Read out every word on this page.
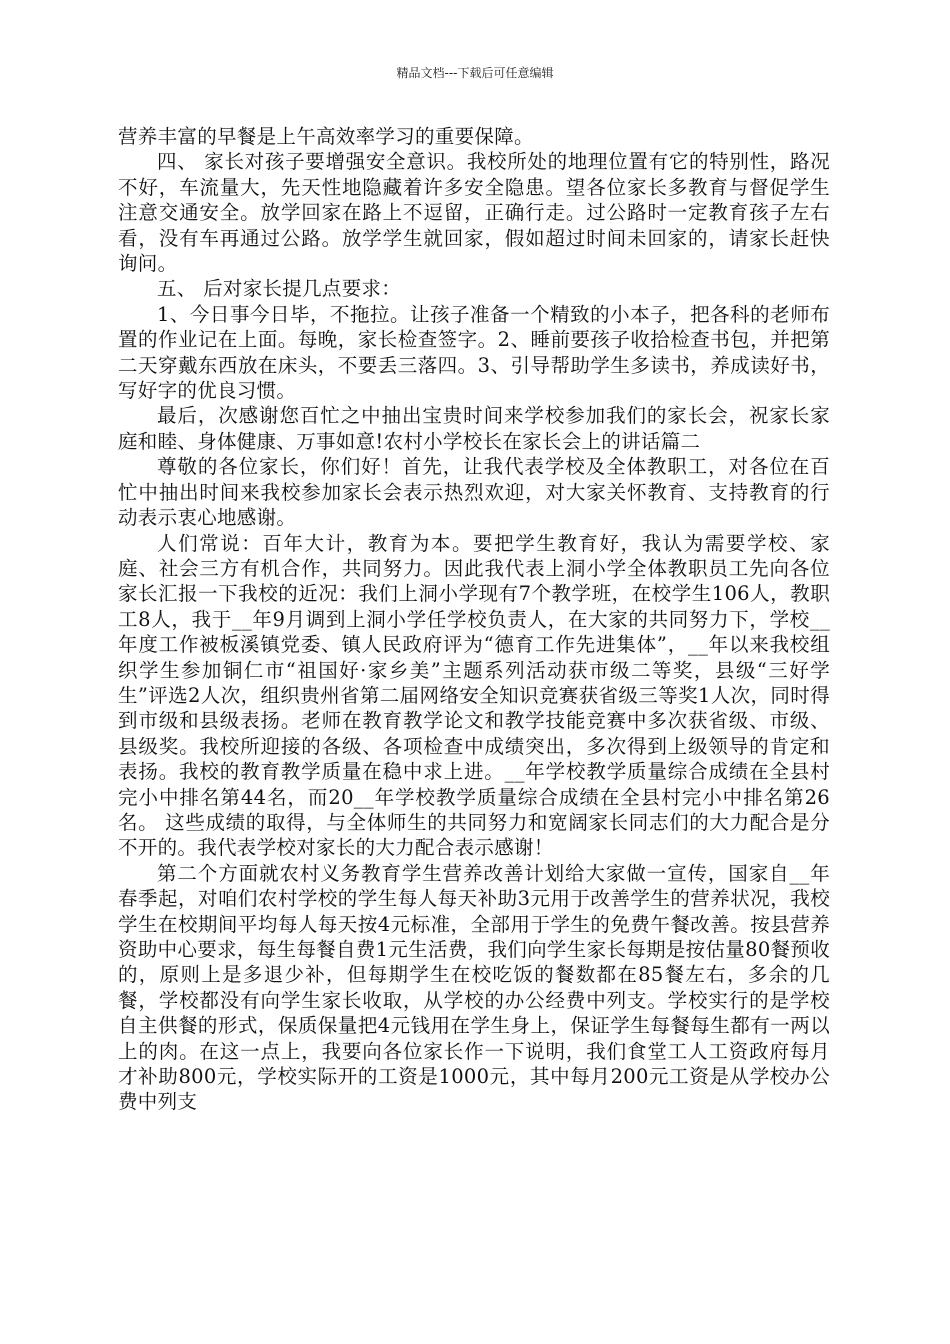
精品文档---下载后可任意编辑

营养丰富的早餐是上午高效率学习的重要保障。

四、 家长对孩子要增强安全意识。我校所处的地理位置有它的特别性，路况不好，车流量大，先天性地隐藏着许多安全隐患。望各位家长多教育与督促学生注意交通安全。放学回家在路上不逗留，正确行走。过公路时一定教育孩子左右看，没有车再通过公路。放学学生就回家，假如超过时间未回家的，请家长赶快询问。

五、 后对家长提几点要求：

1、今日事今日毕，不拖拉。让孩子准备一个精致的小本子，把各科的老师布置的作业记在上面。每晚，家长检查签字。2、睡前要孩子收拾检查书包，并把第二天穿戴东西放在床头，不要丢三落四。3、引导帮助学生多读书，养成读好书，写好字的优良习惯。

最后，次感谢您百忙之中抽出宝贵时间来学校参加我们的家长会，祝家长家庭和睦、身体健康、万事如意!农村小学校长在家长会上的讲话篇二

尊敬的各位家长，你们好！首先，让我代表学校及全体教职工，对各位在百忙中抽出时间来我校参加家长会表示热烈欢迎，对大家关怀教育、支持教育的行动表示衷心地感谢。

人们常说：百年大计，教育为本。要把学生教育好，我认为需要学校、家庭、社会三方有机合作，共同努力。因此我代表上洞小学全体教职员工先向各位家长汇报一下我校的近况：我们上洞小学现有7个教学班，在校学生106人，教职工8人，我于__年9月调到上洞小学任学校负责人，在大家的共同努力下，学校__年度工作被板溪镇党委、镇人民政府评为“德育工作先进集体”，__年以来我校组织学生参加铜仁市“祖国好·家乡美”主题系列活动获市级二等奖，县级“三好学生”评选2人次，组织贵州省第二届网络安全知识竞赛获省级三等奖1人次，同时得到市级和县级表扬。老师在教育教学论文和教学技能竞赛中多次获省级、市级、县级奖。我校所迎接的各级、各项检查中成绩突出，多次得到上级领导的肯定和表扬。我校的教育教学质量在稳中求上进。__年学校教学质量综合成绩在全县村完小中排名第44名，而20__年学校教学质量综合成绩在全县村完小中排名第26名。 这些成绩的取得，与全体师生的共同努力和宽阔家长同志们的大力配合是分不开的。我代表学校对家长的大力配合表示感谢！

第二个方面就农村义务教育学生营养改善计划给大家做一宣传，国家自__年春季起，对咱们农村学校的学生每人每天补助3元用于改善学生的营养状况，我校学生在校期间平均每人每天按4元标准，全部用于学生的免费午餐改善。按县营养资助中心要求，每生每餐自费1元生活费，我们向学生家长每期是按估量80餐预收的，原则上是多退少补，但每期学生在校吃饭的餐数都在85餐左右，多余的几餐，学校都没有向学生家长收取，从学校的办公经费中列支。学校实行的是学校自主供餐的形式，保质保量把4元钱用在学生身上，保证学生每餐每生都有一两以上的肉。在这一点上，我要向各位家长作一下说明，我们食堂工人工资政府每月才补助800元，学校实际开的工资是1000元，其中每月200元工资是从学校办公费中列支
